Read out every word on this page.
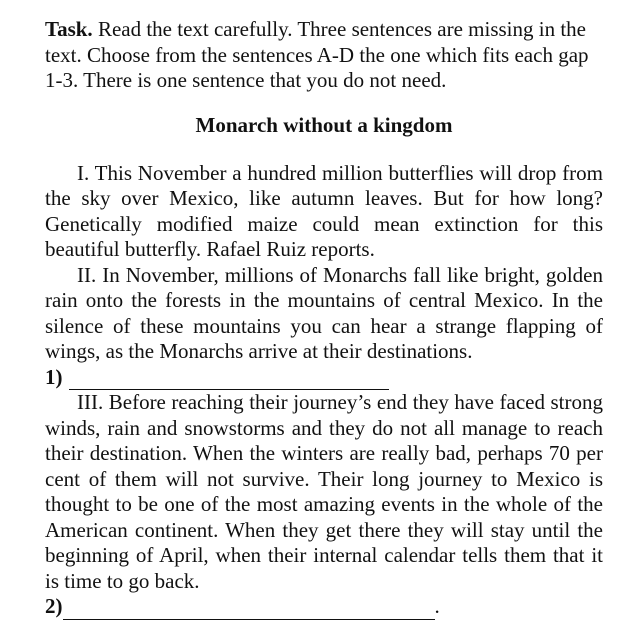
Task. Read the text carefully. Three sentences are missing in the text. Choose from the sentences A-D the one which fits each gap 1-3. There is one sentence that you do not need.

Monarch without a kingdom

I. This November a hundred million butterflies will drop from the sky over Mexico, like autumn leaves. But for how long? Genetically modified maize could mean extinction for this beautiful butterfly. Rafael Ruiz reports.

II. In November, millions of Monarchs fall like bright, golden rain onto the forests in the mountains of central Mexico. In the silence of these mountains you can hear a strange flapping of wings, as the Monarchs arrive at their destinations.

1)

III. Before reaching their journey’s end they have faced strong winds, rain and snowstorms and they do not all manage to reach their destination. When the winters are really bad, perhaps 70 per cent of them will not survive. Their long journey to Mexico is thought to be one of the most amazing events in the whole of the American continent. When they get there they will stay until the beginning of April, when their internal calendar tells them that it is time to go back.

2)	.
